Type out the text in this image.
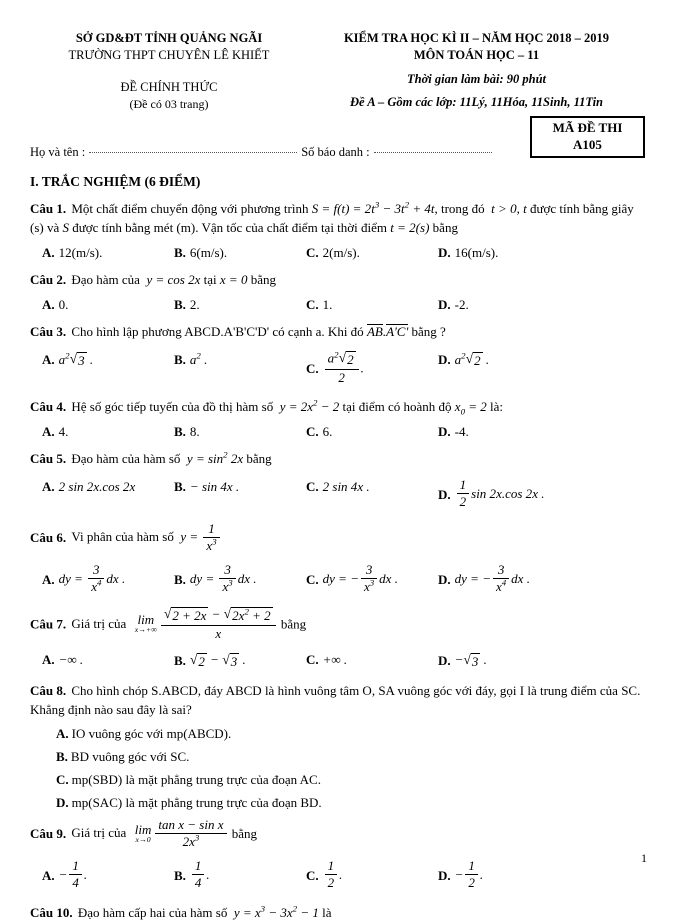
SỞ GD&ĐT TỈNH QUẢNG NGÃI
TRƯỜNG THPT CHUYÊN LÊ KHIẾT
ĐỀ CHÍNH THỨC
(Đề có 03 trang)
KIỂM TRA HỌC KÌ II – NĂM HỌC 2018 – 2019
MÔN TOÁN HỌC – 11
Thời gian làm bài: 90 phút
Đề A – Gồm các lớp: 11Lý, 11Hóa, 11Sinh, 11Tin
Họ và tên :	Số báo danh :
MÃ ĐỀ THI
A105
I. TRẮC NGHIỆM (6 ĐIỂM)
Câu 1. Một chất điểm chuyển động với phương trình $S = f(t) = 2t^3 - 3t^2 + 4t$, trong đó t > 0, t được tính bằng giây (s) và S được tính bằng mét (m). Vận tốc của chất điểm tại thời điểm t = 2(s) bằng
A. 12(m/s).	B. 6(m/s).	C. 2(m/s).	D. 16(m/s).
Câu 2. Đạo hàm của y = cos 2x tại x = 0 bằng
A. 0.	B. 2.	C. 1.	D. -2.
Câu 3. Cho hình lập phương ABCD.A'B'C'D' có cạnh a. Khi đó AB.A'C' bằng ?
A. $a^2$ √ 3 .	B. $a^2$ .
C. $\frac{a^2 √ 2}{2}$ .	D. $a^2$ √ 2 .
Câu 4. Hệ số góc tiếp tuyến của đồ thị hàm số $y = 2x^2 - 2$ tại điểm có hoành độ $x_0 = 2$ là:
A. 4.	B. 8.	C. 6.	D. -4.
Câu 5. Đạo hàm của hàm số $y = \sin^2 2x$ bằng
A. 2 sin 2x.cos 2x	B. − sin 4x .	C. 2 sin 4x .
D. $\frac{1}{2}$ sin 2x.cos 2x .
Câu 6. Vi phân của hàm số $y = \frac{1}{x^3}$
A. dy = $\frac{3}{x^4}$ dx .	B. dy = $\frac{3}{x^3}$ dx .	C. dy = − $\frac{3}{x^3}$ dx .	D. dy = − $\frac{3}{x^4}$ dx .
Câu 7. Giá trị của lim
$x\to+\infty \frac{√ 2 + 2x - √ 2x^2 + 2}{x}$ bằng
A. −∞ .	B. √ 2 − √ 3 .	C. +∞ .	D. − √ 3 .
Câu 8. Cho hình chóp S.ABCD, đáy ABCD là hình vuông tâm O, SA vuông góc với đáy, gọi I là trung điểm của SC. Khẳng định nào sau đây là sai?
A. IO vuông góc với mp(ABCD).
B. BD vuông góc với SC.
C. mp(SBD) là mặt phẳng trung trực của đoạn AC.
D. mp(SAC) là mặt phẳng trung trực của đoạn BD.
Câu 9. Giá trị của lim
$x\to 0 \frac{\text{tan x − sin x}}{2x^3}$ bằng
A. − $\frac{1}{4}$ .	B. $\frac{1}{4}$ .	C. $\frac{1}{2}$ .	D. − $\frac{1}{2}$ .
Câu 10. Đạo hàm cấp hai của hàm số $y = x^3 - 3x^2 - 1$ là
1
